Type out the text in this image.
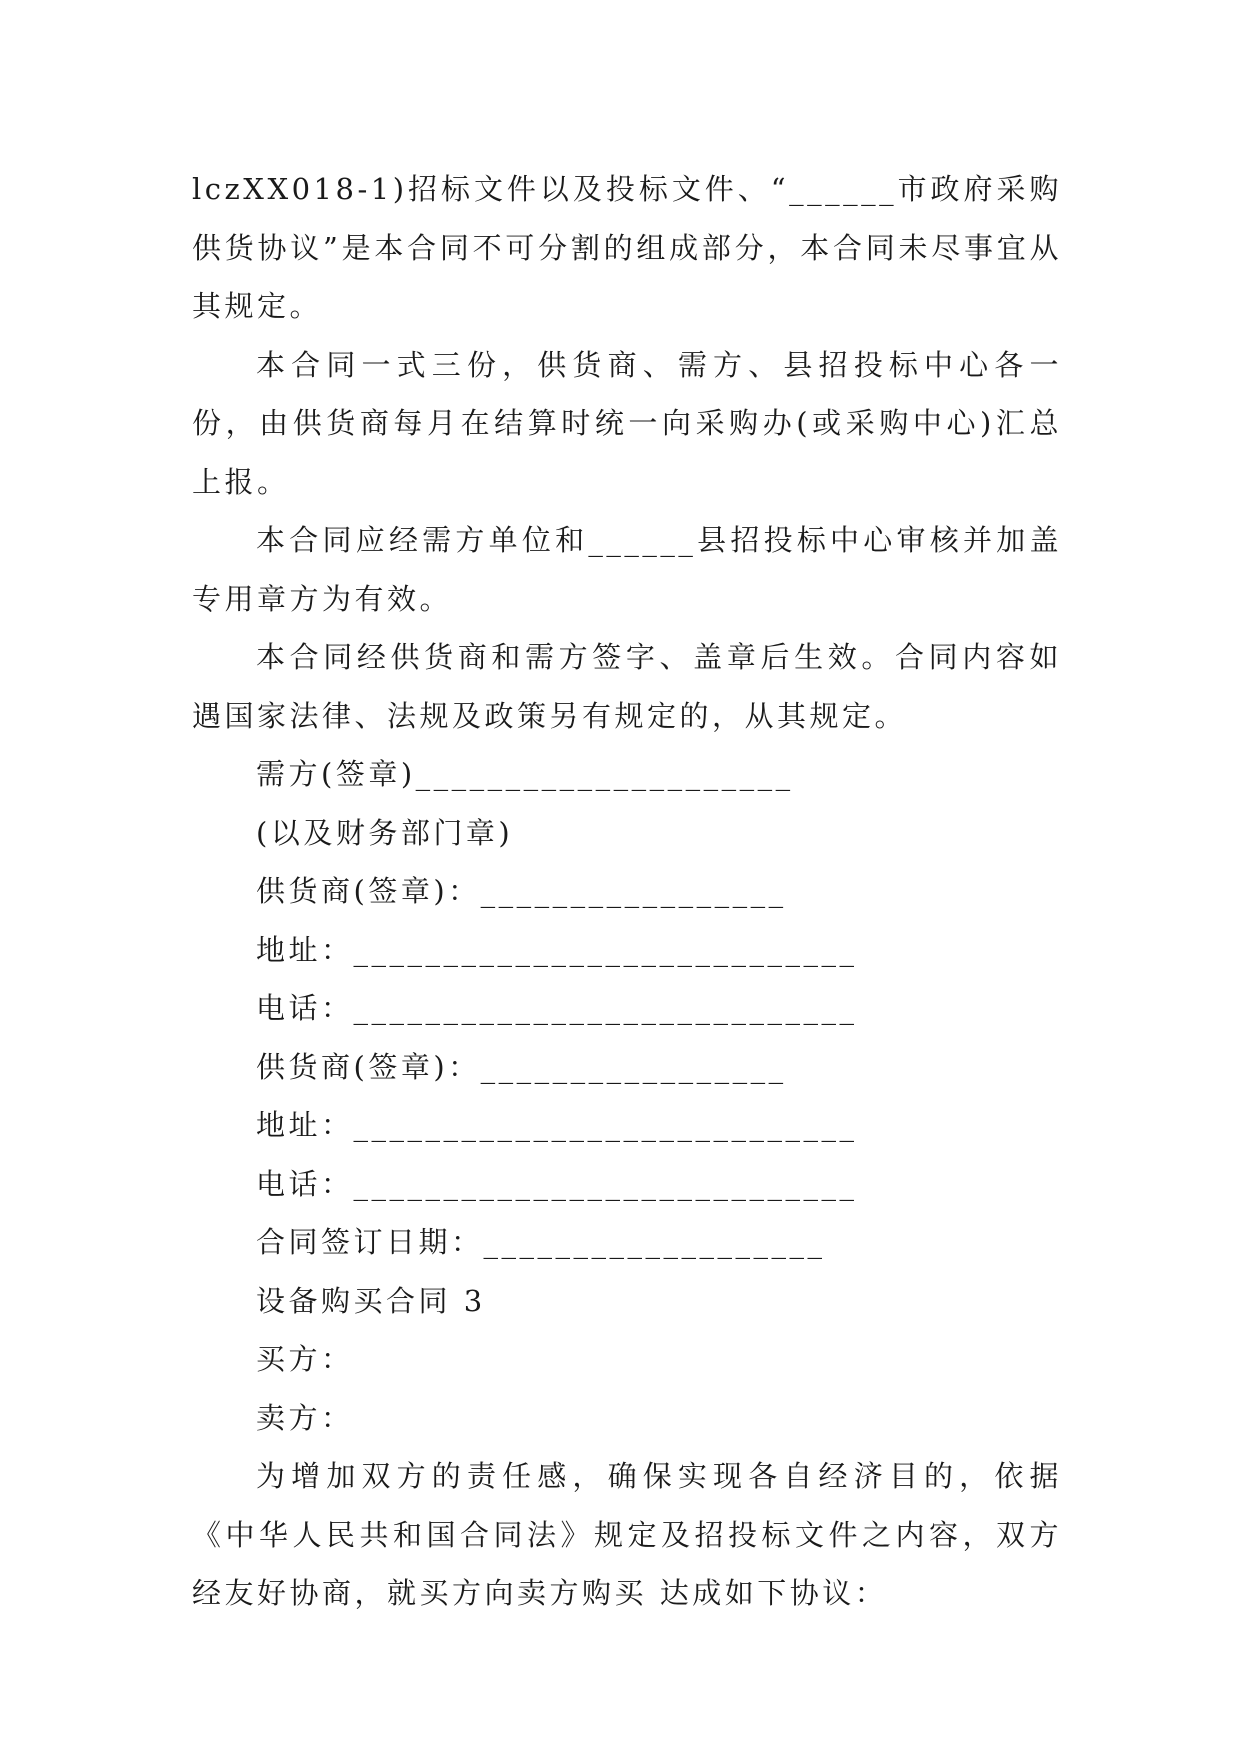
lczXX018-1)招标文件以及投标文件、“______市政府采购供货协议”是本合同不可分割的组成部分，本合同未尽事宜从其规定。

本合同一式三份，供货商、需方、县招投标中心各一份，由供货商每月在结算时统一向采购办(或采购中心)汇总上报。

本合同应经需方单位和______县招投标中心审核并加盖专用章方为有效。

本合同经供货商和需方签字、盖章后生效。合同内容如遇国家法律、法规及政策另有规定的，从其规定。

需方(签章)_____________________

(以及财务部门章)

供货商(签章)：_________________

地址：____________________________

电话：____________________________

供货商(签章)：_________________

地址：____________________________

电话：____________________________

合同签订日期：___________________

设备购买合同 3

买方：

卖方：

为增加双方的责任感，确保实现各自经济目的，依据《中华人民共和国合同法》规定及招投标文件之内容，双方经友好协商，就买方向卖方购买 达成如下协议：
